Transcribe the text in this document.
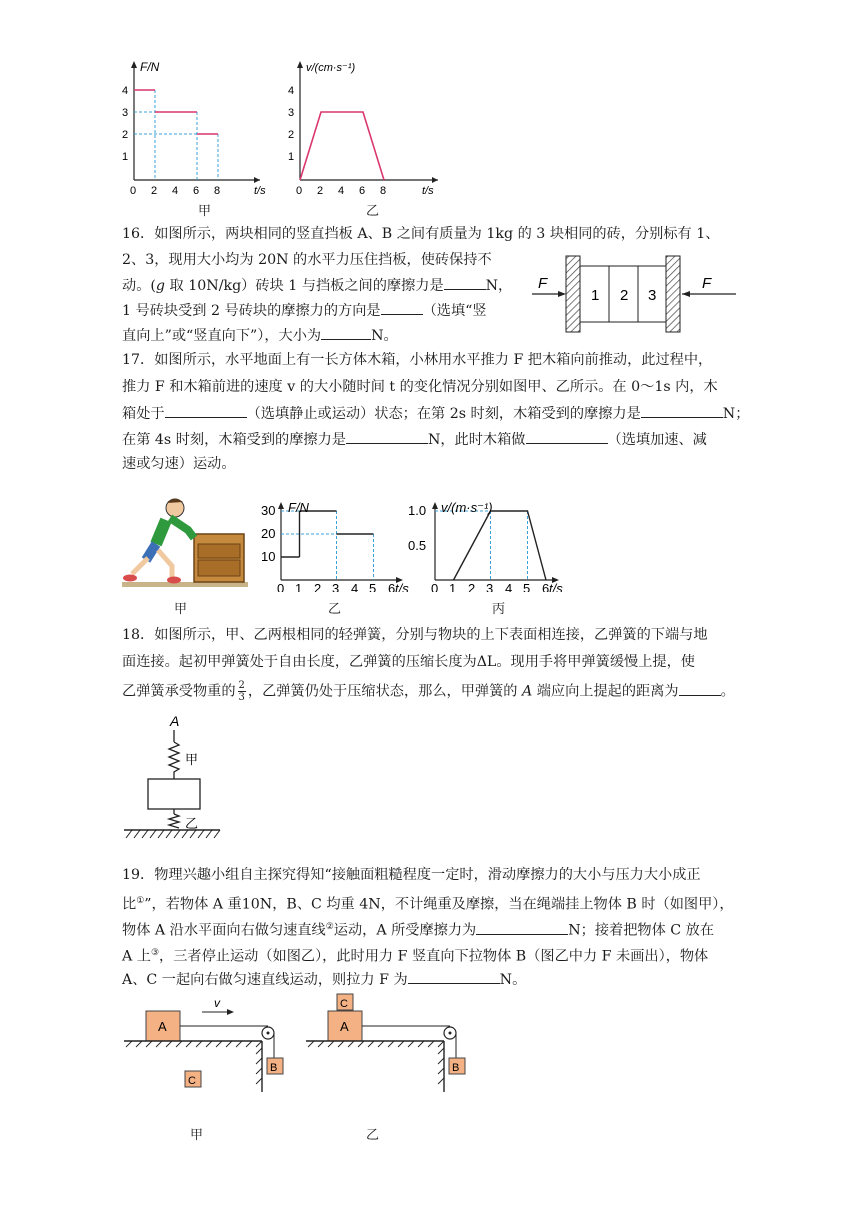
F/N
4
3
2
1
0 2 4 6 8	t/s
v/(cm·s⁻¹)
4
3
2
1
0 2 4 6 8	t/s
甲	乙
16．如图所示，两块相同的竖直挡板 A、B 之间有质量为 1kg 的 3 块相同的砖，分别标有 1、
2、3，现用大小均为 20N 的水平力压住挡板，使砖保持不
动。(g 取 10N/kg）砖块 1 与挡板之间的摩擦力是	N，
1 号砖块受到 2 号砖块的摩擦力的方向是	（选填“竖
直向上”或“竖直向下”），大小为	N。
1 2 3
F	F
17．如图所示，水平地面上有一长方体木箱，小林用水平推力 F 把木箱向前推动，此过程中，
推力 F 和木箱前进的速度 v 的大小随时间 t 的变化情况分别如图甲、乙所示。在 0～1s 内，木
箱处于	（选填静止或运动）状态；在第 2s 时刻，木箱受到的摩擦力是	N；
在第 4s 时刻，木箱受到的摩擦力是	N，此时木箱做	（选填加速、减
速或匀速）运动。
F/N
30
20
10
0 1 2 3 4 5 6 t/s
v/(m·s⁻¹)
1.0
0.5
0 1 2 3 4 5 6 t/s
甲	乙	丙
18．如图所示，甲、乙两根相同的轻弹簧，分别与物块的上下表面相连接，乙弹簧的下端与地
面连接。起初甲弹簧处于自由长度，乙弹簧的压缩长度为ΔL。现用手将甲弹簧缓慢上提，使
乙弹簧承受物重的 $\frac{2}{3}$ ，乙弹簧仍处于压缩状态，那么，甲弹簧的 A 端应向上提起的距离为	。
A
甲
乙
19．物理兴趣小组自主探究得知“接触面粗糙程度一定时，滑动摩擦力的大小与压力大小成正
比①”，若物体 A 重10N，B、C 均重 4N，不计绳重及摩擦，当在绳端挂上物体 B 时（如图甲），
物体 A 沿水平面向右做匀速直线②运动，A 所受摩擦力为	N；接着把物体 C 放在
A 上③，三者停止运动（如图乙），此时用力 F 竖直向下拉物体 B（图乙中力 F 未画出），物体
A、C 一起向右做匀速直线运动，则拉力 F 为	N。
A
B
v
C
C
A
B
甲	乙
